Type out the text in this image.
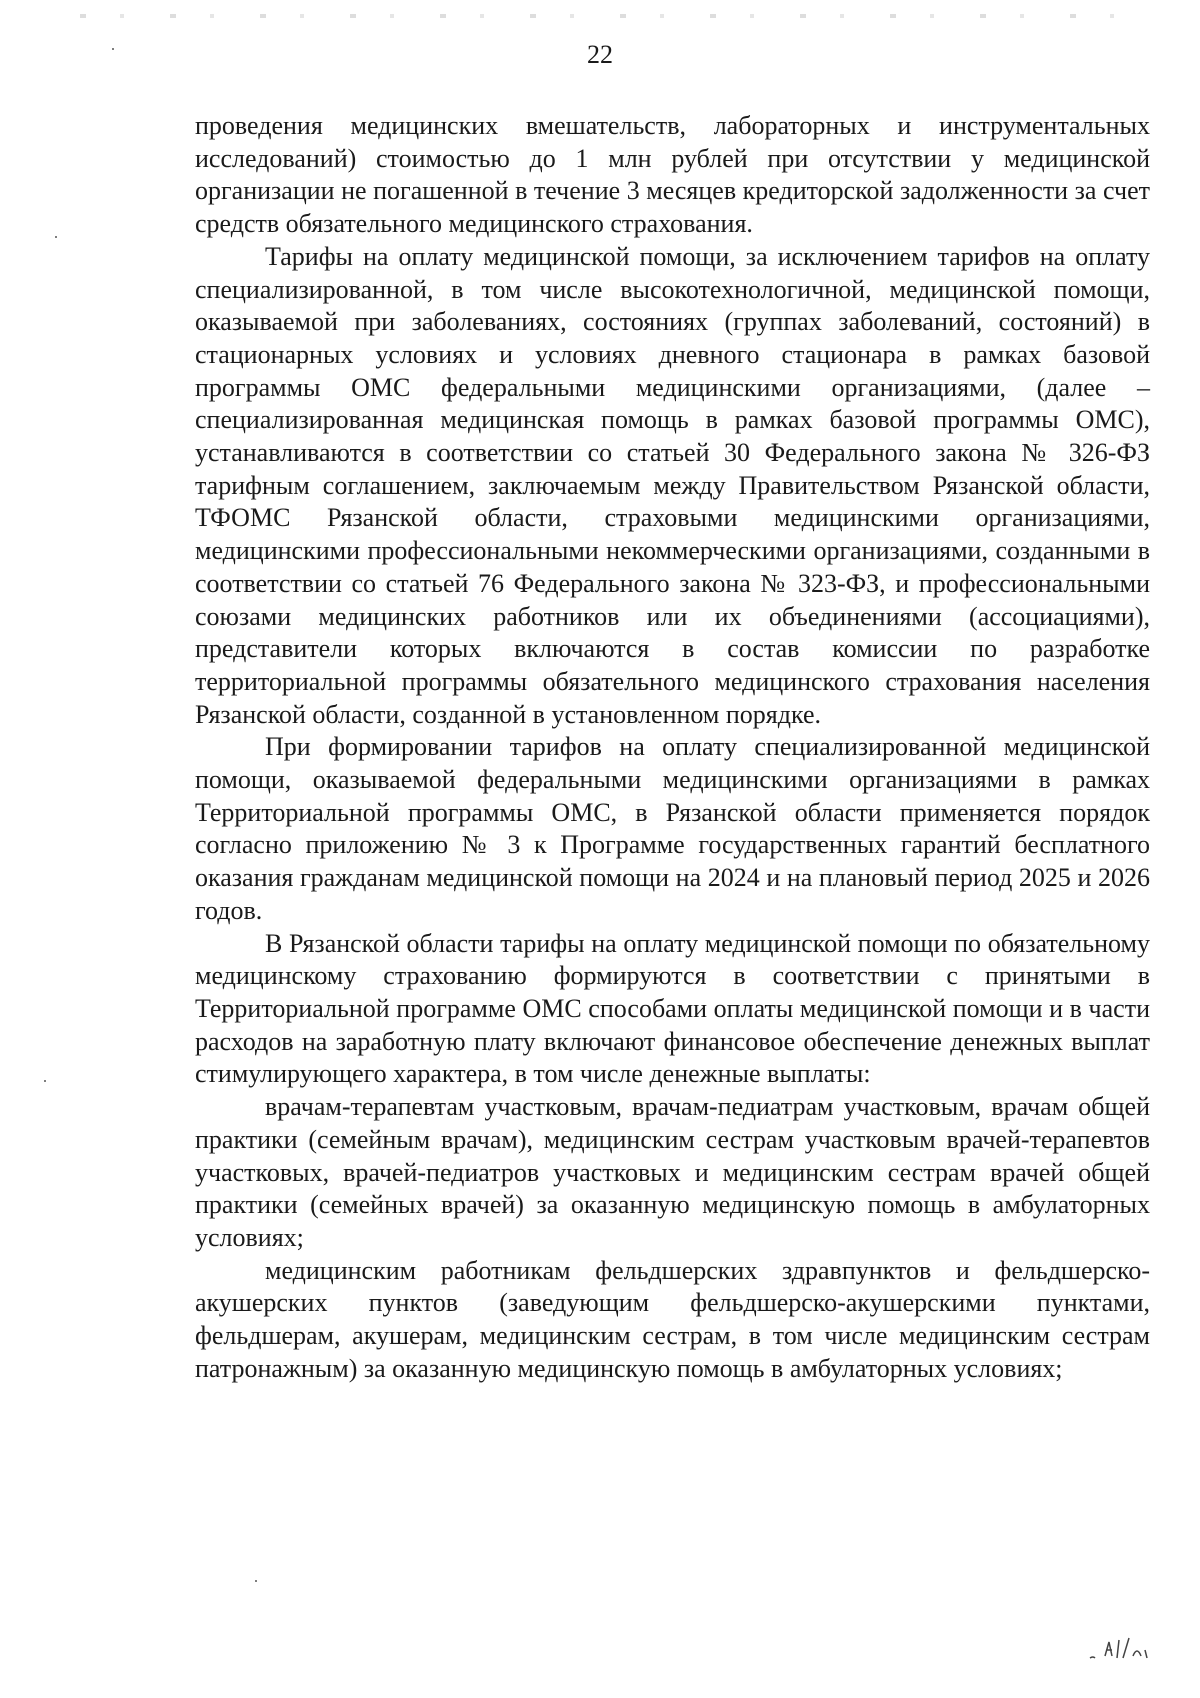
22

проведения медицинских вмешательств, лабораторных и инструментальных исследований) стоимостью до 1 млн рублей при отсутствии у медицинской организации не погашенной в течение 3 месяцев кредиторской задолженности за счет средств обязательного медицинского страхования.

Тарифы на оплату медицинской помощи, за исключением тарифов на оплату специализированной, в том числе высокотехнологичной, медицинской помощи, оказываемой при заболеваниях, состояниях (группах заболеваний, состояний) в стационарных условиях и условиях дневного стационара в рамках базовой программы ОМС федеральными медицинскими организациями, (далее – специализированная медицинская помощь в рамках базовой программы ОМС), устанавливаются в соответствии со статьей 30 Федерального закона № 326-ФЗ тарифным соглашением, заключаемым между Правительством Рязанской области, ТФОМС Рязанской области, страховыми медицинскими организациями, медицинскими профессиональными некоммерческими организациями, созданными в соответствии со статьей 76 Федерального закона № 323-ФЗ, и профессиональными союзами медицинских работников или их объединениями (ассоциациями), представители которых включаются в состав комиссии по разработке территориальной программы обязательного медицинского страхования населения Рязанской области, созданной в установленном порядке.

При формировании тарифов на оплату специализированной медицинской помощи, оказываемой федеральными медицинскими организациями в рамках Территориальной программы ОМС, в Рязанской области применяется порядок согласно приложению № 3 к Программе государственных гарантий бесплатного оказания гражданам медицинской помощи на 2024 и на плановый период 2025 и 2026 годов.

В Рязанской области тарифы на оплату медицинской помощи по обязательному медицинскому страхованию формируются в соответствии с принятыми в Территориальной программе ОМС способами оплаты медицинской помощи и в части расходов на заработную плату включают финансовое обеспечение денежных выплат стимулирующего характера, в том числе денежные выплаты:

врачам-терапевтам участковым, врачам-педиатрам участковым, врачам общей практики (семейным врачам), медицинским сестрам участковым врачей-терапевтов участковых, врачей-педиатров участковых и медицинским сестрам врачей общей практики (семейных врачей) за оказанную медицинскую помощь в амбулаторных условиях;

медицинским работникам фельдшерских здравпунктов и фельдшерско-акушерских пунктов (заведующим фельдшерско-акушерскими пунктами, фельдшерам, акушерам, медицинским сестрам, в том числе медицинским сестрам патронажным) за оказанную медицинскую помощь в амбулаторных условиях;
